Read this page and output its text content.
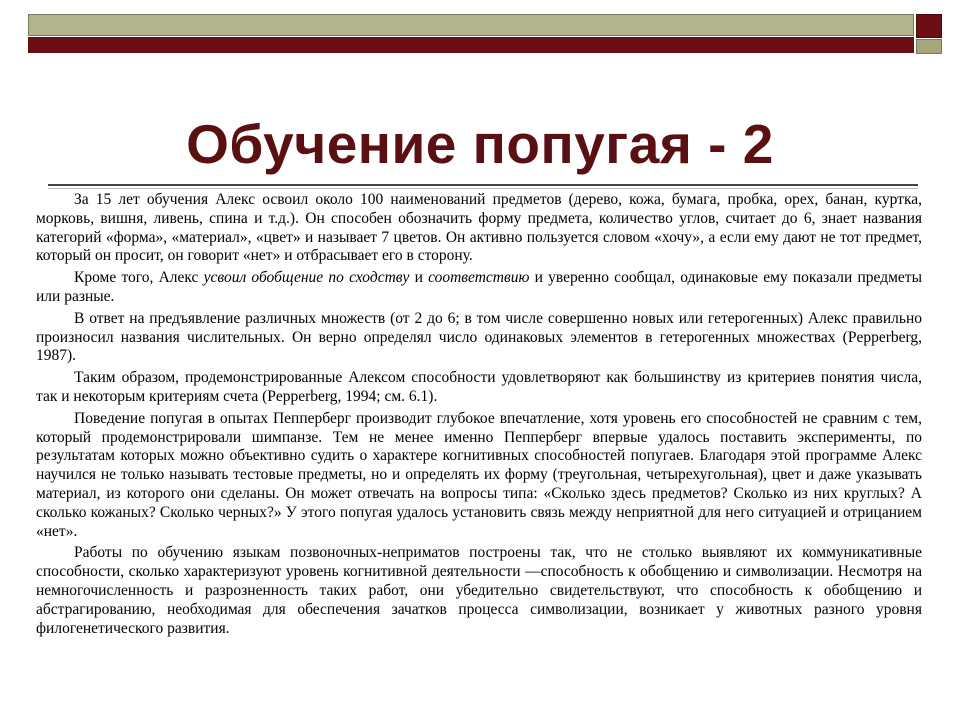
Обучение попугая - 2

За 15 лет обучения Алекс освоил около 100 наименований предметов (дерево, кожа, бумага, пробка, орех, банан, куртка, морковь, вишня, ливень, спина и т.д.). Он способен обозначить форму предмета, количество углов, считает до 6, знает названия категорий «форма», «материал», «цвет» и называет 7 цветов. Он активно пользуется словом «хочу», а если ему дают не тот предмет, который он просит, он говорит «нет» и отбрасывает его в сторону.

Кроме того, Алекс усвоил обобщение по сходству и соответствию и уверенно сообщал, одинаковые ему показали предметы или разные.

В ответ на предъявление различных множеств (от 2 до 6; в том числе совершенно новых или гетерогенных) Алекс правильно произносил названия числительных. Он верно определял число одинаковых элементов в гетерогенных множествах (Pepperberg, 1987).

Таким образом, продемонстрированные Алексом способности удовлетворяют как большинству из критериев понятия числа, так и некоторым критериям счета (Pepperberg, 1994; см. 6.1).

Поведение попугая в опытах Пепперберг производит глубокое впечатление, хотя уровень его способностей не сравним с тем, который продемонстрировали шимпанзе. Тем не менее именно Пепперберг впервые удалось поставить эксперименты, по результатам которых можно объективно судить о характере когнитивных способностей попугаев. Благодаря этой программе Алекс научился не только называть тестовые предметы, но и определять их форму (треугольная, четырехугольная), цвет и даже указывать материал, из которого они сделаны. Он может отвечать на вопросы типа: «Сколько здесь предметов? Сколько из них круглых? А сколько кожаных? Сколько черных?» У этого попугая удалось установить связь между неприятной для него ситуацией и отрицанием «нет».

Работы по обучению языкам позвоночных-неприматов построены так, что не столько выявляют их коммуникативные способности, сколько характеризуют уровень когнитивной деятельности —способность к обобщению и символизации. Несмотря на немногочисленность и разрозненность таких работ, они убедительно свидетельствуют, что способность к обобщению и абстрагированию, необходимая для обеспечения зачатков процесса символизации, возникает у животных разного уровня филогенетического развития.
